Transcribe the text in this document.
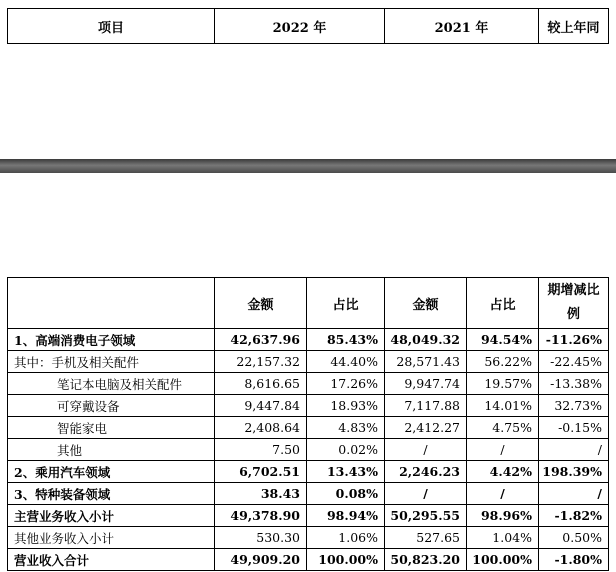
项目	2022 年	2021 年	较上年同
	金额	占比	金额	占比	期增减比
例
1、高端消费电子领域	42,637.96	85.43%	48,049.32	94.54%	-11.26%
其中：手机及相关配件	22,157.32	44.40%	28,571.43	56.22%	-22.45%
笔记本电脑及相关配件	8,616.65	17.26%	9,947.74	19.57%	-13.38%
可穿戴设备	9,447.84	18.93%	7,117.88	14.01%	32.73%
智能家电	2,408.64	4.83%	2,412.27	4.75%	-0.15%
其他	7.50	0.02%	/	/	/
2、乘用汽车领域	6,702.51	13.43%	2,246.23	4.42%	198.39%
3、特种装备领域	38.43	0.08%	/	/	/
主营业务收入小计	49,378.90	98.94%	50,295.55	98.96%	-1.82%
其他业务收入小计	530.30	1.06%	527.65	1.04%	0.50%
营业收入合计	49,909.20	100.00%	50,823.20	100.00%	-1.80%
